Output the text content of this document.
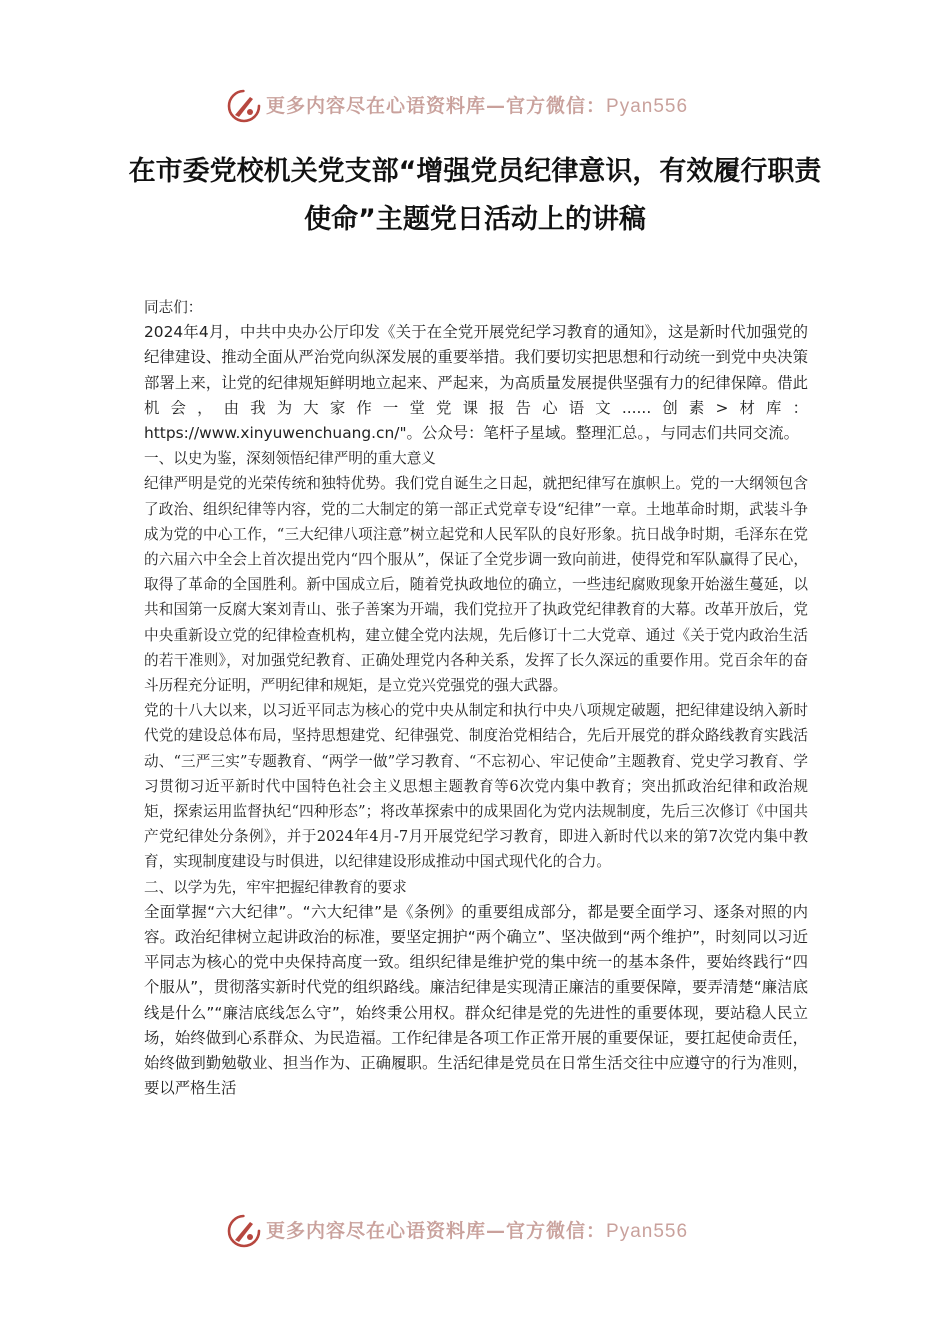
更多内容尽在心语资料库—官方微信：Pyan556
在市委党校机关党支部“增强党员纪律意识，有效履行职责使命”主题党日活动上的讲稿

同志们：

2024年4月，中共中央办公厅印发《关于在全党开展党纪学习教育的通知》，这是新时代加强党的纪律建设、推动全面从严治党向纵深发展的重要举措。我们要切实把思想和行动统一到党中央决策部署上来，让党的纪律规矩鲜明地立起来、严起来，为高质量发展提供坚强有力的纪律保障。借此机会，由我为大家作一堂党课报告心语文......创素>材库：https://www.xinyuwenchuang.cn/"。公众号：笔杆子星域。整理汇总。，与同志们共同交流。

一、以史为鉴，深刻领悟纪律严明的重大意义

纪律严明是党的光荣传统和独特优势。我们党自诞生之日起，就把纪律写在旗帜上。党的一大纲领包含了政治、组织纪律等内容，党的二大制定的第一部正式党章专设“纪律”一章。土地革命时期，武装斗争成为党的中心工作，“三大纪律八项注意”树立起党和人民军队的良好形象。抗日战争时期，毛泽东在党的六届六中全会上首次提出党内“四个服从”，保证了全党步调一致向前进，使得党和军队赢得了民心，取得了革命的全国胜利。新中国成立后，随着党执政地位的确立，一些违纪腐败现象开始滋生蔓延，以共和国第一反腐大案刘青山、张子善案为开端，我们党拉开了执政党纪律教育的大幕。改革开放后，党中央重新设立党的纪律检查机构，建立健全党内法规，先后修订十二大党章、通过《关于党内政治生活的若干准则》，对加强党纪教育、正确处理党内各种关系，发挥了长久深远的重要作用。党百余年的奋斗历程充分证明，严明纪律和规矩，是立党兴党强党的强大武器。

党的十八大以来，以习近平同志为核心的党中央从制定和执行中央八项规定破题，把纪律建设纳入新时代党的建设总体布局，坚持思想建党、纪律强党、制度治党相结合，先后开展党的群众路线教育实践活动、“三严三实”专题教育、“两学一做”学习教育、“不忘初心、牢记使命”主题教育、党史学习教育、学习贯彻习近平新时代中国特色社会主义思想主题教育等6次党内集中教育；突出抓政治纪律和政治规矩，探索运用监督执纪“四种形态”；将改革探索中的成果固化为党内法规制度，先后三次修订《中国共产党纪律处分条例》，并于2024年4月-7月开展党纪学习教育，即进入新时代以来的第7次党内集中教育，实现制度建设与时俱进，以纪律建设形成推动中国式现代化的合力。

二、以学为先，牢牢把握纪律教育的要求

全面掌握“六大纪律”。“六大纪律”是《条例》的重要组成部分，都是要全面学习、逐条对照的内容。政治纪律树立起讲政治的标准，要坚定拥护“两个确立”、坚决做到“两个维护”，时刻同以习近平同志为核心的党中央保持高度一致。组织纪律是维护党的集中统一的基本条件，要始终践行“四个服从”，贯彻落实新时代党的组织路线。廉洁纪律是实现清正廉洁的重要保障，要弄清楚“廉洁底线是什么”“廉洁底线怎么守”，始终秉公用权。群众纪律是党的先进性的重要体现，要站稳人民立场，始终做到心系群众、为民造福。工作纪律是各项工作正常开展的重要保证，要扛起使命责任，始终做到勤勉敬业、担当作为、正确履职。生活纪律是党员在日常生活交往中应遵守的行为准则，要以严格生活

更多内容尽在心语资料库—官方微信：Pyan556
